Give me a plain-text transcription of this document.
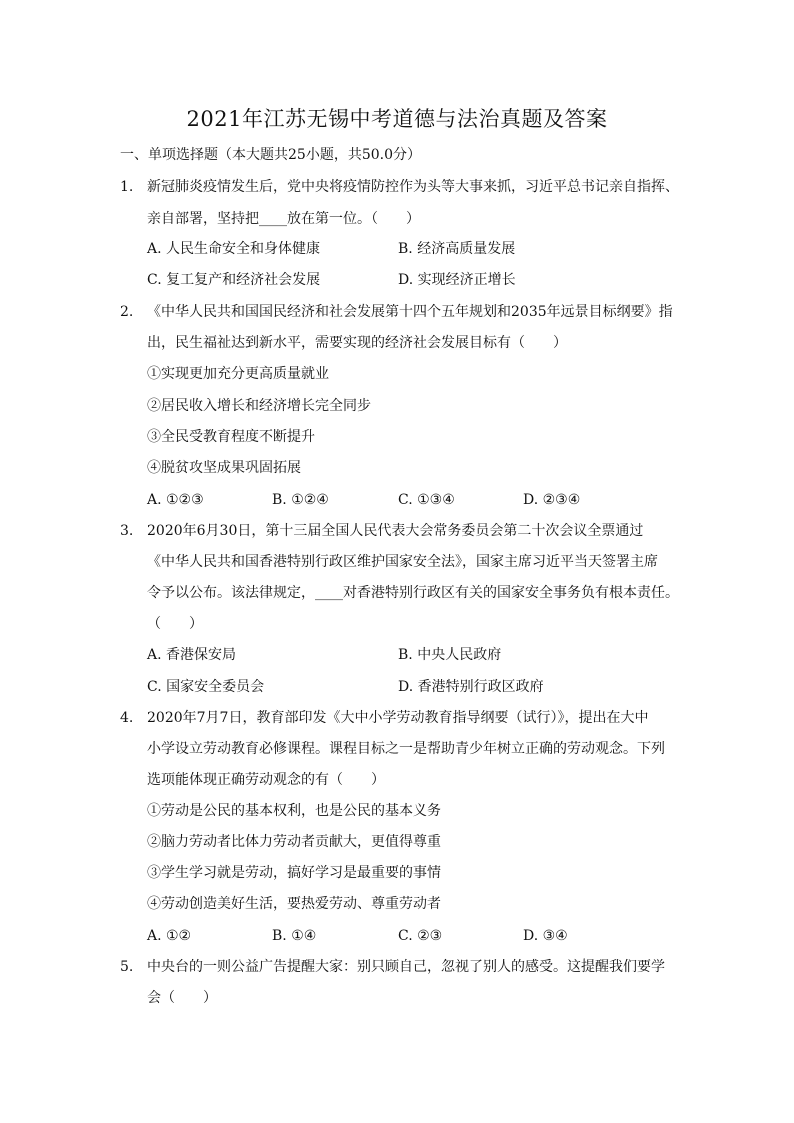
2021年江苏无锡中考道德与法治真题及答案
一、单项选择题（本大题共25小题，共50.0分）
1. 新冠肺炎疫情发生后，党中央将疫情防控作为头等大事来抓，习近平总书记亲自指挥、
亲自部署，坚持把____放在第一位。（　　）
A. 人民生命安全和身体健康	B. 经济高质量发展
C. 复工复产和经济社会发展	D. 实现经济正增长
2. 《中华人民共和国国民经济和社会发展第十四个五年规划和2035年远景目标纲要》指
出，民生福祉达到新水平，需要实现的经济社会发展目标有（　　）
①实现更加充分更高质量就业
②居民收入增长和经济增长完全同步
③全民受教育程度不断提升
④脱贫攻坚成果巩固拓展
A. ①②③	B. ①②④	C. ①③④	D. ②③④
3. 2020年6月30日，第十三届全国人民代表大会常务委员会第二十次会议全票通过
《中华人民共和国香港特别行政区维护国家安全法》，国家主席习近平当天签署主席
令予以公布。该法律规定，____对香港特别行政区有关的国家安全事务负有根本责任。
（　　）
A. 香港保安局	B. 中央人民政府
C. 国家安全委员会	D. 香港特别行政区政府
4. 2020年7月7日，教育部印发《大中小学劳动教育指导纲要（试行）》，提出在大中
小学设立劳动教育必修课程。课程目标之一是帮助青少年树立正确的劳动观念。下列
选项能体现正确劳动观念的有（　　）
①劳动是公民的基本权利，也是公民的基本义务
②脑力劳动者比体力劳动者贡献大，更值得尊重
③学生学习就是劳动，搞好学习是最重要的事情
④劳动创造美好生活，要热爱劳动、尊重劳动者
A. ①②	B. ①④	C. ②③	D. ③④
5. 中央台的一则公益广告提醒大家：别只顾自己，忽视了别人的感受。这提醒我们要学
会（　　）
